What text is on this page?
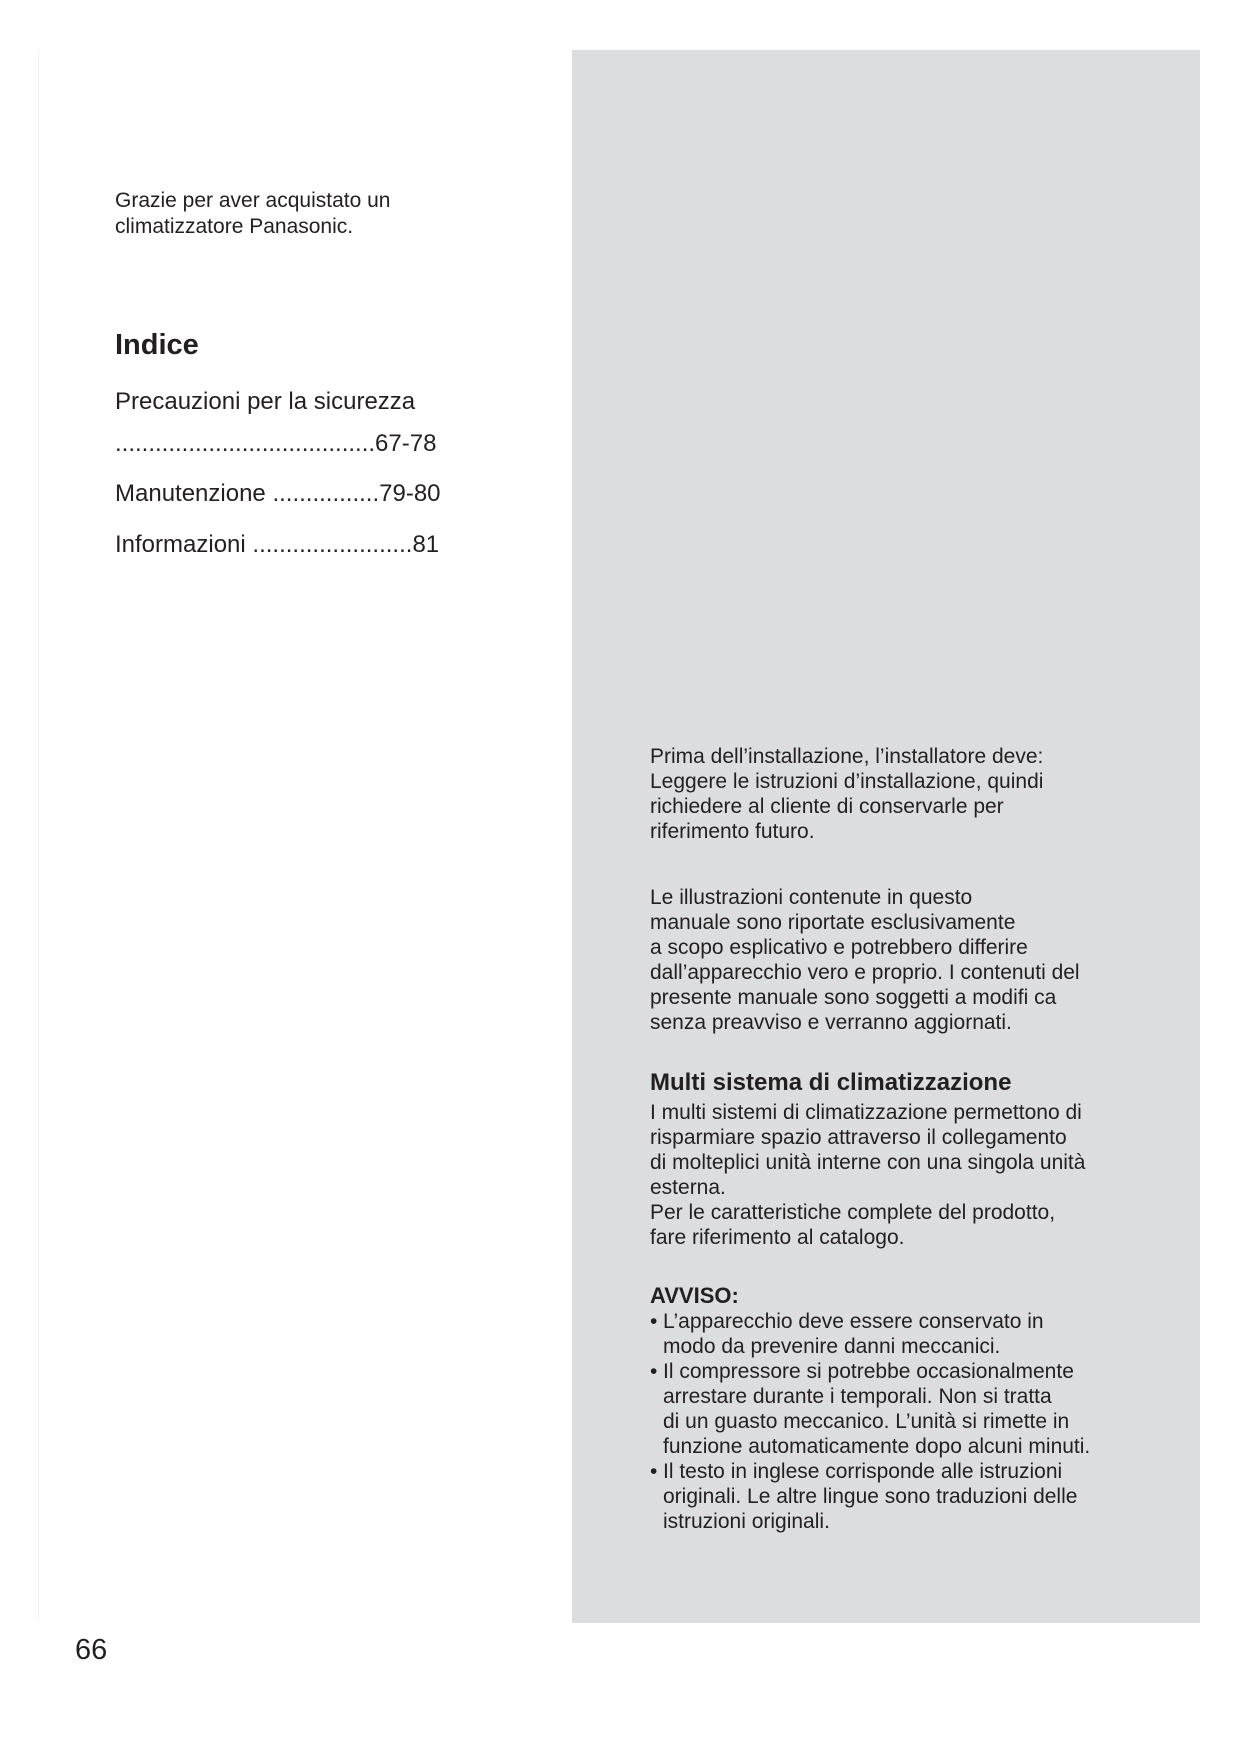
Grazie per aver acquistato un
climatizzatore Panasonic.

Indice
Precauzioni per la sicurezza
.......................................67-78
Manutenzione ................79-80
Informazioni ........................81

Prima dell’installazione, l’installatore deve:
Leggere le istruzioni d’installazione, quindi
richiedere al cliente di conservarle per
riferimento futuro.

Le illustrazioni contenute in questo
manuale sono riportate esclusivamente
a scopo esplicativo e potrebbero differire
dall’apparecchio vero e proprio. I contenuti del
presente manuale sono soggetti a modifi ca
senza preavviso e verranno aggiornati.

Multi sistema di climatizzazione

I multi sistemi di climatizzazione permettono di
risparmiare spazio attraverso il collegamento
di molteplici unità interne con una singola unità
esterna.
Per le caratteristiche complete del prodotto,
fare riferimento al catalogo.

AVVISO:
• L’apparecchio deve essere conservato in
modo da prevenire danni meccanici.
• Il compressore si potrebbe occasionalmente
arrestare durante i temporali. Non si tratta
di un guasto meccanico. L’unità si rimette in
funzione automaticamente dopo alcuni minuti.
• Il testo in inglese corrisponde alle istruzioni
originali. Le altre lingue sono traduzioni delle
istruzioni originali.
66
